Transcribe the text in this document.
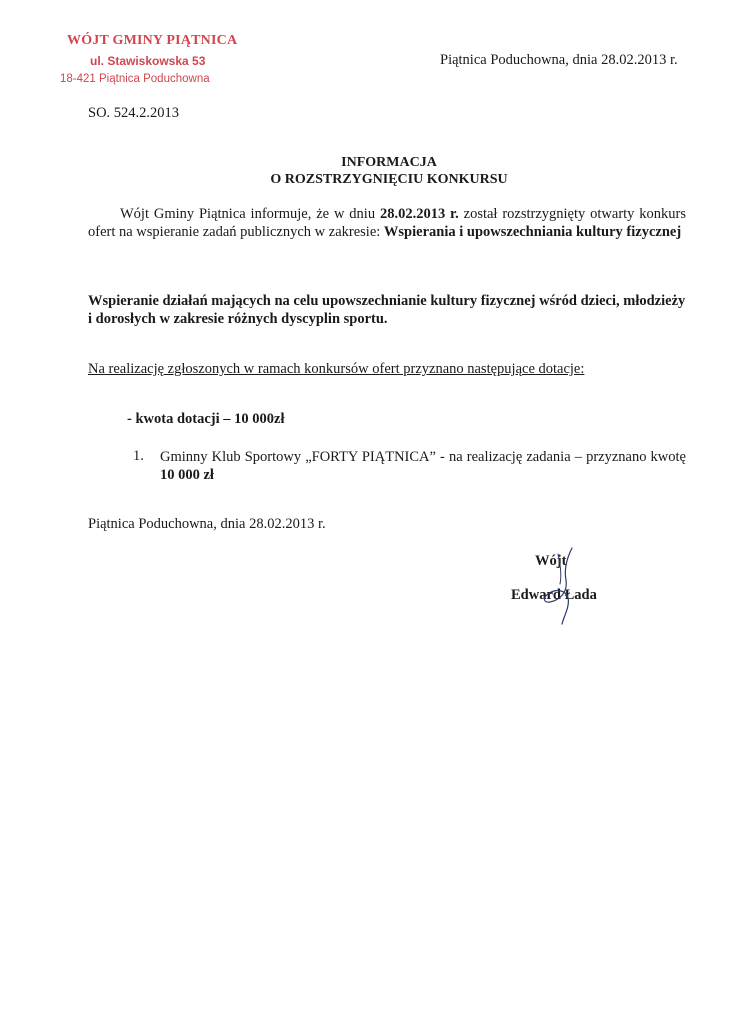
WÓJT GMINY PIĄTNICA
ul. Stawiskowska 53
18-421 Piątnica Poduchowna
Piątnica Poduchowna, dnia 28.02.2013 r.
SO. 524.2.2013
INFORMACJA
O ROZSTRZYGNIĘCIU KONKURSU
Wójt Gminy Piątnica informuje, że w dniu 28.02.2013 r. został rozstrzygnięty otwarty konkurs ofert na wspieranie zadań publicznych w zakresie: Wspierania i upowszechniania kultury fizycznej
Wspieranie działań mających na celu upowszechnianie kultury fizycznej wśród dzieci, młodzieży i dorosłych w zakresie różnych dyscyplin sportu.
Na realizację zgłoszonych w ramach konkursów ofert przyznano następujące dotacje:
- kwota dotacji – 10 000zł
1. Gminny Klub Sportowy „FORTY PIĄTNICA” - na realizację zadania – przyznano kwotę 10 000 zł
Piątnica Poduchowna, dnia 28.02.2013 r.
Wójt
Edward Łada
